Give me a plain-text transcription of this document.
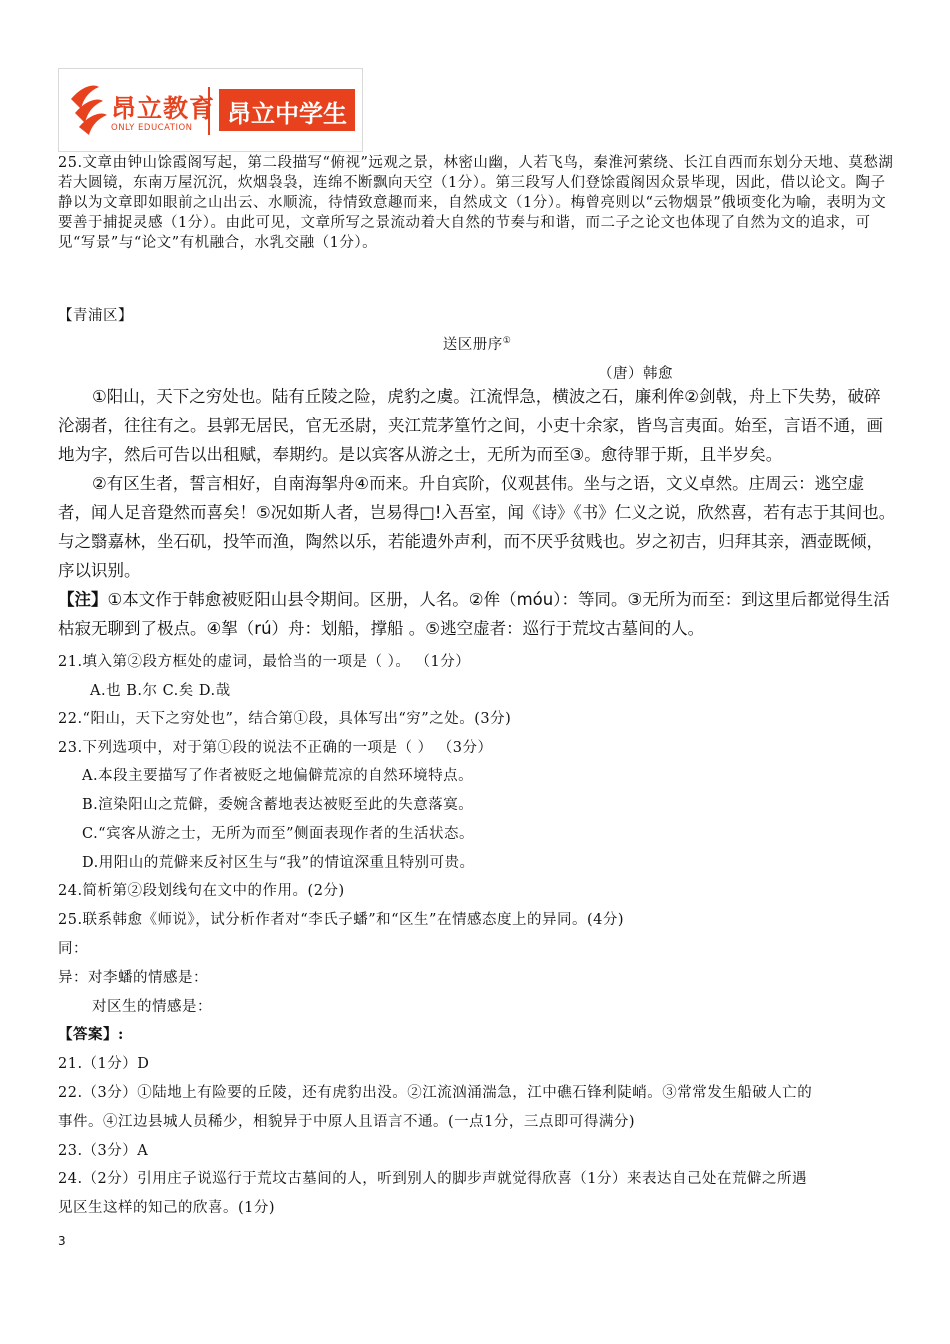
昂立教育
ONLY EDUCATION 昂立中学生
25.文章由钟山馀霞阁写起，第二段描写“俯视”远观之景，林密山幽，人若飞鸟，秦淮河萦绕、长江自西而东划分天地、莫愁湖若大圆镜，东南万屋沉沉，炊烟袅袅，连绵不断飘向天空（1分）。第三段写人们登馀霞阁因众景毕现，因此，借以论文。陶子静以为文章即如眼前之山出云、水顺流，待情致意趣而来，自然成文（1分）。梅曾亮则以“云物烟景”俄顷变化为喻，表明为文要善于捕捉灵感（1分）。由此可见，文章所写之景流动着大自然的节奏与和谐，而二子之论文也体现了自然为文的追求，可见“写景”与“论文”有机融合，水乳交融（1分）。
【青浦区】
送区册序①
（唐）韩愈
①阳山，天下之穷处也。陆有丘陵之险，虎豹之虞。江流悍急，横波之石，廉利侔②剑戟，舟上下失势，破碎沦溺者，往往有之。县郭无居民，官无丞尉，夹江荒茅篁竹之间，小吏十余家，皆鸟言夷面。始至，言语不通，画地为字，然后可告以出租赋，奉期约。是以宾客从游之士，无所为而至③。愈待罪于斯，且半岁矣。
②有区生者，誓言相好，自南海挐舟④而来。升自宾阶，仪观甚伟。坐与之语，文义卓然。庄周云：逃空虚者，闻人足音跫然而喜矣！⑤况如斯人者，岂易得□!入吾室，闻《诗》《书》仁义之说，欣然喜，若有志于其间也。与之翳嘉林，坐石矶，投竿而渔，陶然以乐，若能遗外声利，而不厌乎贫贱也。岁之初吉，归拜其亲，酒壶既倾，序以识别。
【注】①本文作于韩愈被贬阳山县令期间。区册，人名。②侔（móu）：等同。③无所为而至：到这里后都觉得生活枯寂无聊到了极点。④挐（rú）舟：划船，撑船 。⑤逃空虚者：巡行于荒坟古墓间的人。
21.填入第②段方框处的虚词，最恰当的一项是（ ）。 （1分）
A.也 B.尔 C.矣 D.哉
22.“阳山，天下之穷处也”，结合第①段，具体写出“穷”之处。(3分)
23.下列选项中，对于第①段的说法不正确的一项是（ ） （3分）
A.本段主要描写了作者被贬之地偏僻荒凉的自然环境特点。
B.渲染阳山之荒僻，委婉含蓄地表达被贬至此的失意落寞。
C.“宾客从游之士，无所为而至”侧面表现作者的生活状态。
D.用阳山的荒僻来反衬区生与“我”的情谊深重且特别可贵。
24.简析第②段划线句在文中的作用。(2分)
25.联系韩愈《师说》，试分析作者对“李氏子蟠”和“区生”在情感态度上的异同。(4分)
同：
异：对李蟠的情感是：
对区生的情感是：
【答案】:
21.（1分）D
22.（3分）①陆地上有险要的丘陵，还有虎豹出没。②江流汹涌湍急，江中礁石锋利陡峭。③常常发生船破人亡的
事件。④江边县城人员稀少，相貌异于中原人且语言不通。(一点1分，三点即可得满分)
23.（3分）A
24.（2分）引用庄子说巡行于荒坟古墓间的人，听到别人的脚步声就觉得欣喜（1分）来表达自己处在荒僻之所遇
见区生这样的知己的欣喜。(1分)
3
